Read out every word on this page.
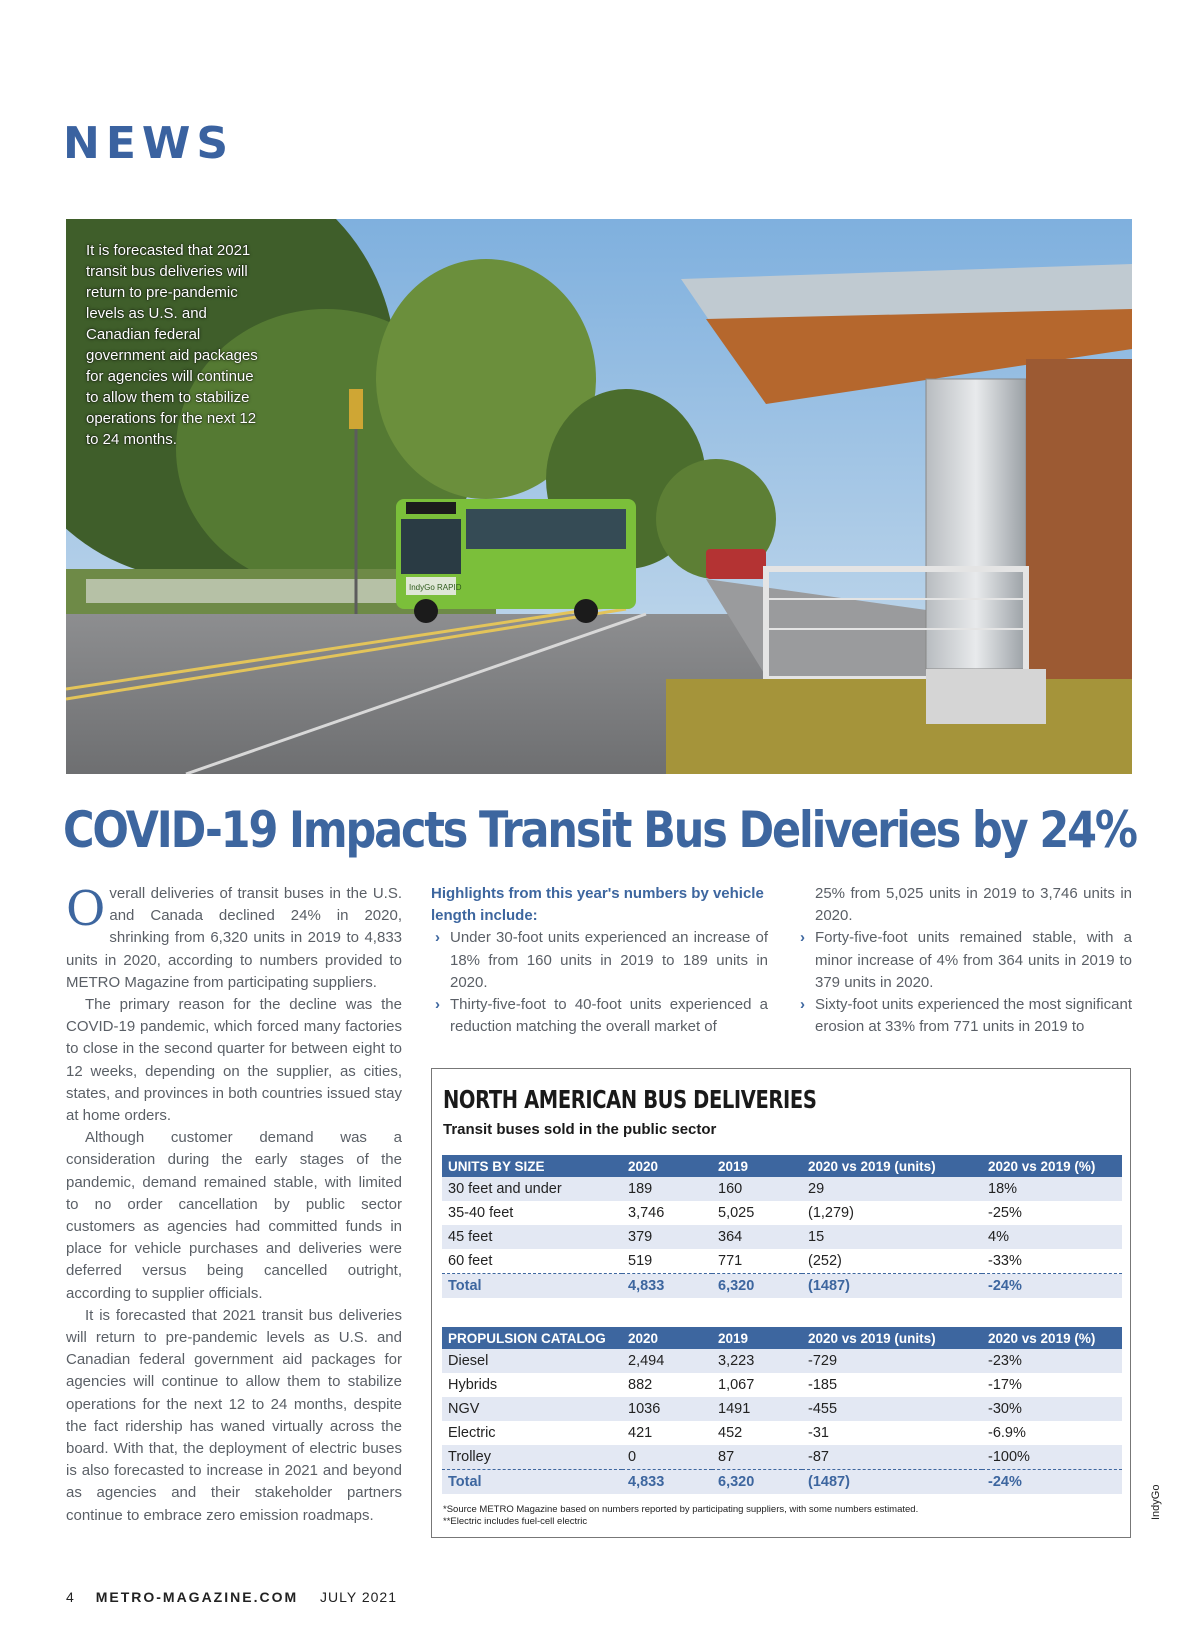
NEWS
IndyGo RAPID
It is forecasted that 2021 transit bus deliveries will return to pre-pandemic levels as U.S. and Canadian federal government aid packages for agencies will continue to allow them to stabilize operations for the next 12 to 24 months.
IndyGo
COVID-19 Impacts Transit Bus Deliveries by 24%

Overall deliveries of transit buses in the U.S. and Canada declined 24% in 2020, shrinking from 6,320 units in 2019 to 4,833 units in 2020, according to numbers provided to METRO Magazine from participating suppliers.

The primary reason for the decline was the COVID-19 pandemic, which forced many factories to close in the second quarter for between eight to 12 weeks, depending on the supplier, as cities, states, and provinces in both countries issued stay at home orders.

Although customer demand was a consideration during the early stages of the pandemic, demand remained stable, with limited to no order cancellation by public sector customers as agencies had committed funds in place for vehicle purchases and deliveries were deferred versus being cancelled outright, according to supplier officials.

It is forecasted that 2021 transit bus deliveries will return to pre-pandemic levels as U.S. and Canadian federal government aid packages for agencies will continue to allow them to stabilize operations for the next 12 to 24 months, despite the fact ridership has waned virtually across the board. With that, the deployment of electric buses is also forecasted to increase in 2021 and beyond as agencies and their stakeholder partners continue to embrace zero emission roadmaps.

Highlights from this year's numbers by vehicle length include:

› Under 30-foot units experienced an increase of 18% from 160 units in 2019 to 189 units in 2020.

› Thirty-five-foot to 40-foot units experienced a reduction matching the overall market of

25% from 5,025 units in 2019 to 3,746 units in 2020.

› Forty-five-foot units remained stable, with a minor increase of 4% from 364 units in 2019 to 379 units in 2020.

› Sixty-foot units experienced the most significant erosion at 33% from 771 units in 2019 to

NORTH AMERICAN BUS DELIVERIES
Transit buses sold in the public sector
UNITS BY SIZE	2020	2019	2020 vs 2019 (units)	2020 vs 2019 (%)
30 feet and under	189	160	29	18%
35-40 feet	3,746	5,025	(1,279)	-25%
45 feet	379	364	15	4%
60 feet	519	771	(252)	-33%
Total	4,833	6,320	(1487)	-24%
PROPULSION CATALOG	2020	2019	2020 vs 2019 (units)	2020 vs 2019 (%)
Diesel	2,494	3,223	-729	-23%
Hybrids	882	1,067	-185	-17%
NGV	1036	1491	-455	-30%
Electric	421	452	-31	-6.9%
Trolley	0	87	-87	-100%
Total	4,833	6,320	(1487)	-24%
*Source METRO Magazine based on numbers reported by participating suppliers, with some numbers estimated.
**Electric includes fuel-cell electric
4 METRO-MAGAZINE.COM JULY 2021
